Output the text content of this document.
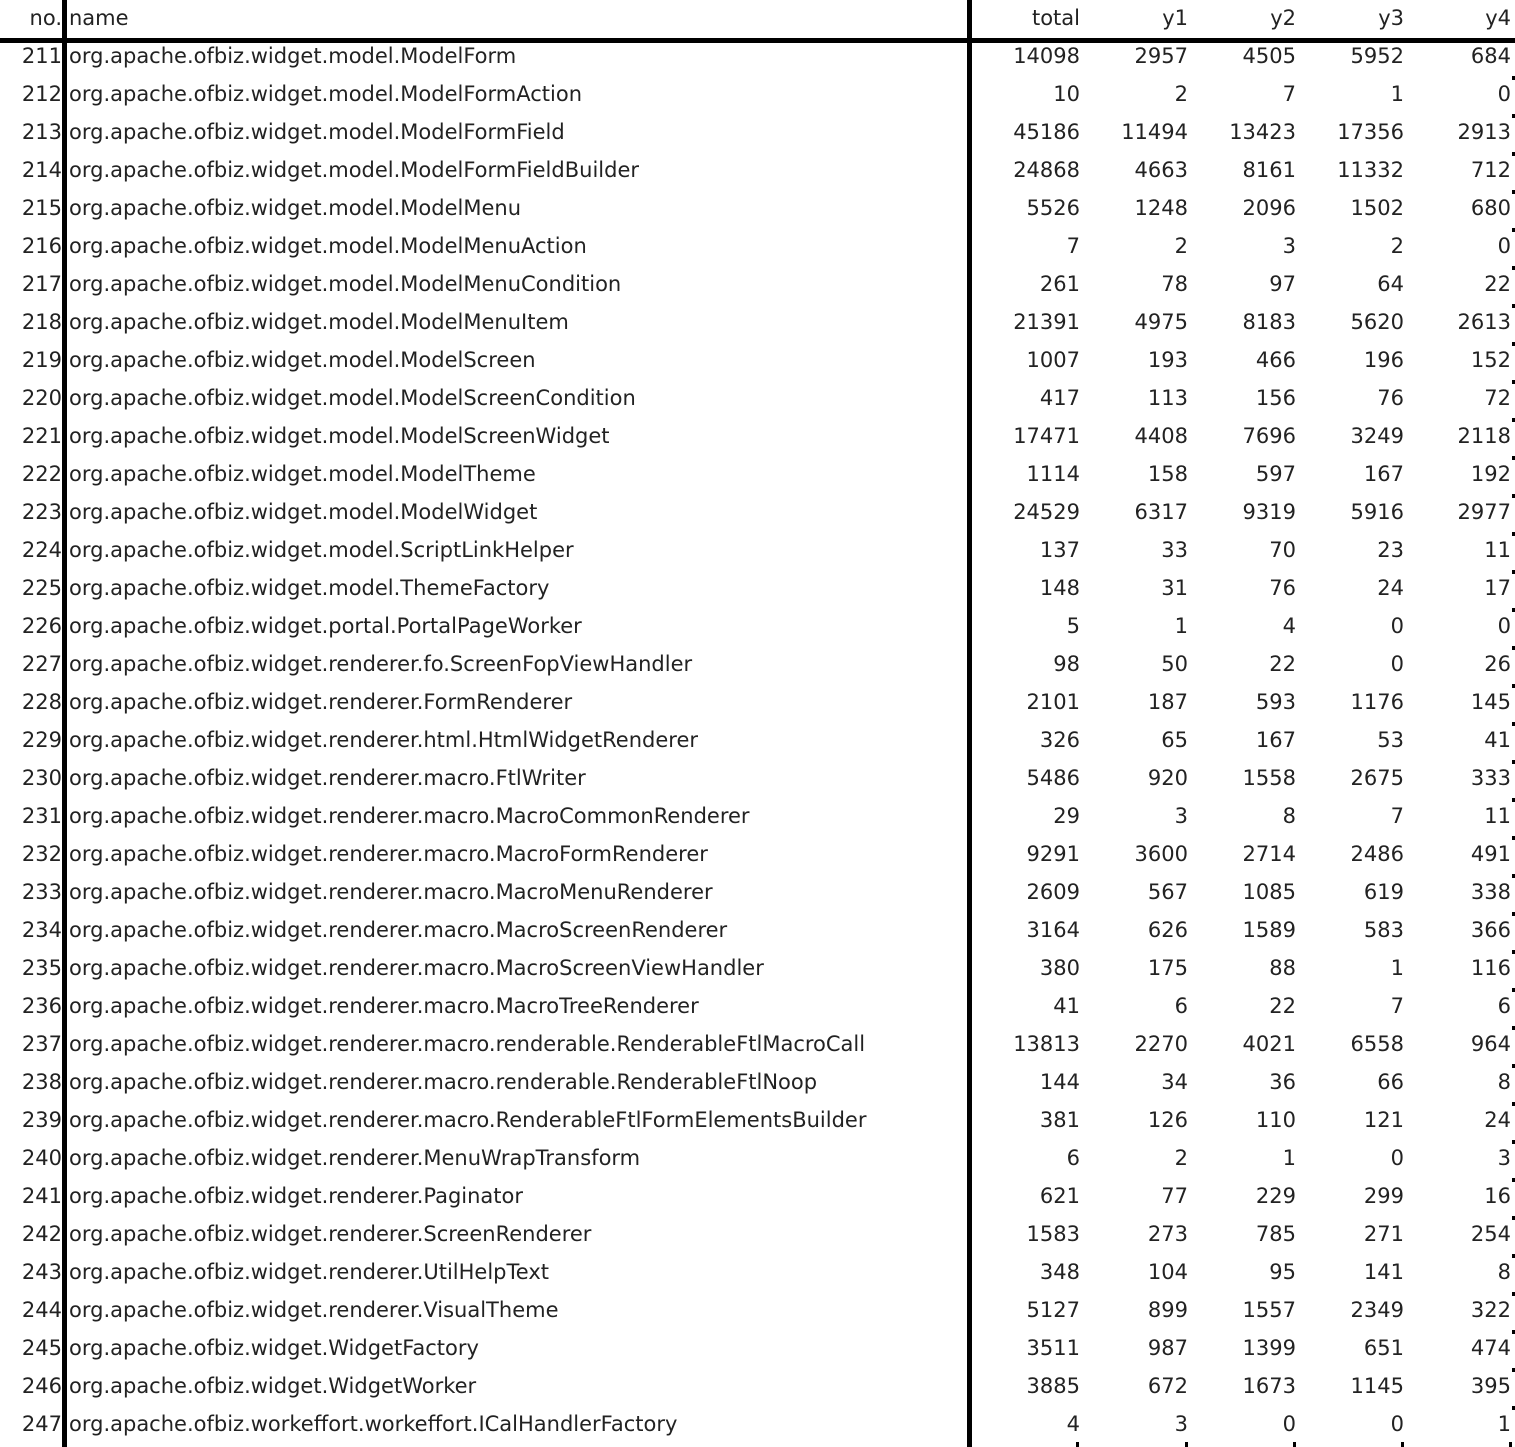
no. name	total	y1	y2	y3	y4
211 org.apache.ofbiz.widget.model.ModelForm	14098	2957	4505	5952	684
212 org.apache.ofbiz.widget.model.ModelFormAction	10	2	7	1	0
213 org.apache.ofbiz.widget.model.ModelFormField	45186	11494	13423	17356	2913
214 org.apache.ofbiz.widget.model.ModelFormFieldBuilder	24868	4663	8161	11332	712
215 org.apache.ofbiz.widget.model.ModelMenu	5526	1248	2096	1502	680
216 org.apache.ofbiz.widget.model.ModelMenuAction	7	2	3	2	0
217 org.apache.ofbiz.widget.model.ModelMenuCondition	261	78	97	64	22
218 org.apache.ofbiz.widget.model.ModelMenuItem	21391	4975	8183	5620	2613
219 org.apache.ofbiz.widget.model.ModelScreen	1007	193	466	196	152
220 org.apache.ofbiz.widget.model.ModelScreenCondition	417	113	156	76	72
221 org.apache.ofbiz.widget.model.ModelScreenWidget	17471	4408	7696	3249	2118
222 org.apache.ofbiz.widget.model.ModelTheme	1114	158	597	167	192
223 org.apache.ofbiz.widget.model.ModelWidget	24529	6317	9319	5916	2977
224 org.apache.ofbiz.widget.model.ScriptLinkHelper	137	33	70	23	11
225 org.apache.ofbiz.widget.model.ThemeFactory	148	31	76	24	17
226 org.apache.ofbiz.widget.portal.PortalPageWorker	5	1	4	0	0
227 org.apache.ofbiz.widget.renderer.fo.ScreenFopViewHandler	98	50	22	0	26
228 org.apache.ofbiz.widget.renderer.FormRenderer	2101	187	593	1176	145
229 org.apache.ofbiz.widget.renderer.html.HtmlWidgetRenderer	326	65	167	53	41
230 org.apache.ofbiz.widget.renderer.macro.FtlWriter	5486	920	1558	2675	333
231 org.apache.ofbiz.widget.renderer.macro.MacroCommonRenderer	29	3	8	7	11
232 org.apache.ofbiz.widget.renderer.macro.MacroFormRenderer	9291	3600	2714	2486	491
233 org.apache.ofbiz.widget.renderer.macro.MacroMenuRenderer	2609	567	1085	619	338
234 org.apache.ofbiz.widget.renderer.macro.MacroScreenRenderer	3164	626	1589	583	366
235 org.apache.ofbiz.widget.renderer.macro.MacroScreenViewHandler	380	175	88	1	116
236 org.apache.ofbiz.widget.renderer.macro.MacroTreeRenderer	41	6	22	7	6
237 org.apache.ofbiz.widget.renderer.macro.renderable.RenderableFtlMacroCall	13813	2270	4021	6558	964
238 org.apache.ofbiz.widget.renderer.macro.renderable.RenderableFtlNoop	144	34	36	66	8
239 org.apache.ofbiz.widget.renderer.macro.RenderableFtlFormElementsBuilder	381	126	110	121	24
240 org.apache.ofbiz.widget.renderer.MenuWrapTransform	6	2	1	0	3
241 org.apache.ofbiz.widget.renderer.Paginator	621	77	229	299	16
242 org.apache.ofbiz.widget.renderer.ScreenRenderer	1583	273	785	271	254
243 org.apache.ofbiz.widget.renderer.UtilHelpText	348	104	95	141	8
244 org.apache.ofbiz.widget.renderer.VisualTheme	5127	899	1557	2349	322
245 org.apache.ofbiz.widget.WidgetFactory	3511	987	1399	651	474
246 org.apache.ofbiz.widget.WidgetWorker	3885	672	1673	1145	395
247 org.apache.ofbiz.workeffort.workeffort.ICalHandlerFactory	4	3	0	0	1
